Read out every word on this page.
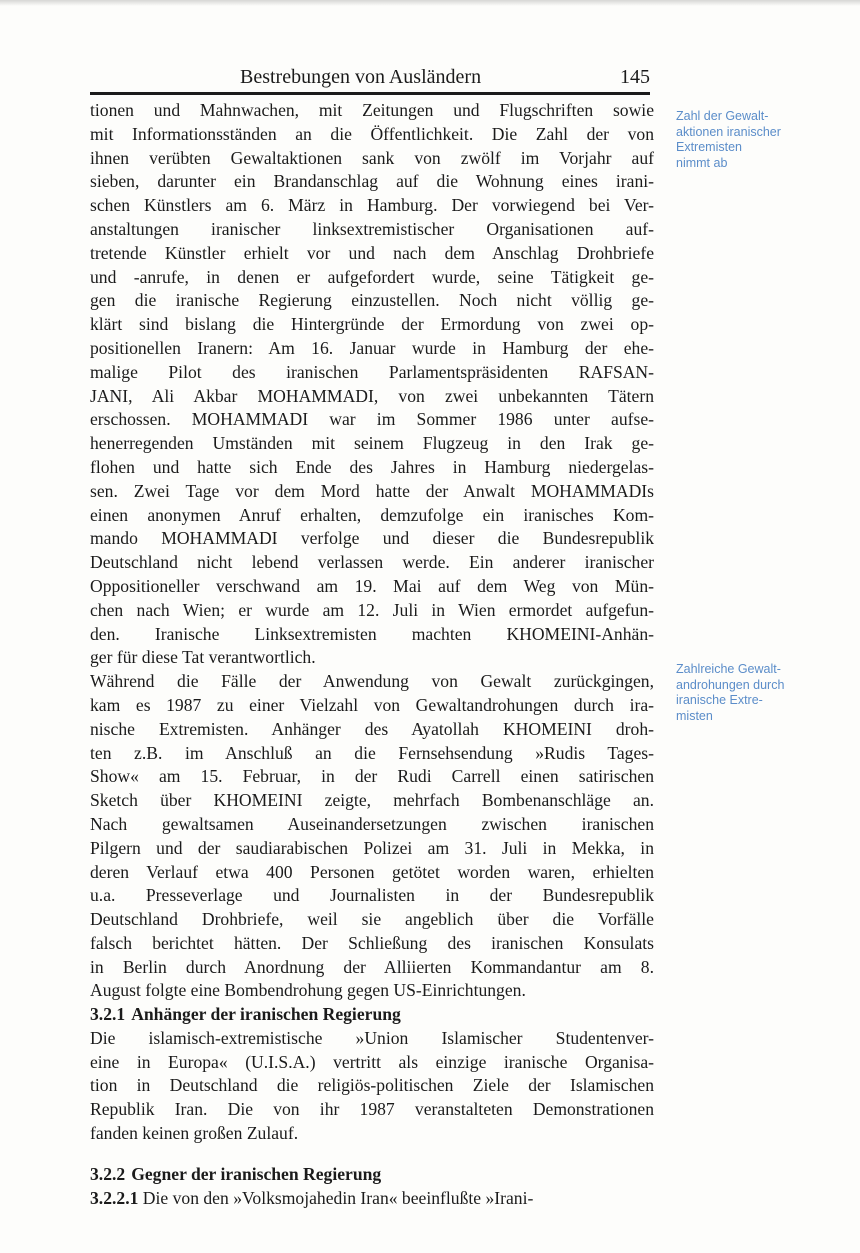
Bestrebungen von Ausländern	145
tionen und Mahnwachen, mit Zeitungen und Flugschriften sowie
mit Informationsständen an die Öffentlichkeit. Die Zahl der von
ihnen verübten Gewaltaktionen sank von zwölf im Vorjahr auf
sieben, darunter ein Brandanschlag auf die Wohnung eines irani-
schen Künstlers am 6. März in Hamburg. Der vorwiegend bei Ver-
anstaltungen iranischer linksextremistischer Organisationen auf-
tretende Künstler erhielt vor und nach dem Anschlag Drohbriefe
und -anrufe, in denen er aufgefordert wurde, seine Tätigkeit ge-
gen die iranische Regierung einzustellen. Noch nicht völlig ge-
klärt sind bislang die Hintergründe der Ermordung von zwei op-
positionellen Iranern: Am 16. Januar wurde in Hamburg der ehe-
malige Pilot des iranischen Parlamentspräsidenten RAFSAN-
JANI, Ali Akbar MOHAMMADI, von zwei unbekannten Tätern
erschossen. MOHAMMADI war im Sommer 1986 unter aufse-
henerregenden Umständen mit seinem Flugzeug in den Irak ge-
flohen und hatte sich Ende des Jahres in Hamburg niedergelas-
sen. Zwei Tage vor dem Mord hatte der Anwalt MOHAMMADIs
einen anonymen Anruf erhalten, demzufolge ein iranisches Kom-
mando MOHAMMADI verfolge und dieser die Bundesrepublik
Deutschland nicht lebend verlassen werde. Ein anderer iranischer
Oppositioneller verschwand am 19. Mai auf dem Weg von Mün-
chen nach Wien; er wurde am 12. Juli in Wien ermordet aufgefun-
den. Iranische Linksextremisten machten KHOMEINI-Anhän-
ger für diese Tat verantwortlich.
Während die Fälle der Anwendung von Gewalt zurückgingen,
kam es 1987 zu einer Vielzahl von Gewaltandrohungen durch ira-
nische Extremisten. Anhänger des Ayatollah KHOMEINI droh-
ten z.B. im Anschluß an die Fernsehsendung »Rudis Tages-
Show« am 15. Februar, in der Rudi Carrell einen satirischen
Sketch über KHOMEINI zeigte, mehrfach Bombenanschläge an.
Nach gewaltsamen Auseinandersetzungen zwischen iranischen
Pilgern und der saudiarabischen Polizei am 31. Juli in Mekka, in
deren Verlauf etwa 400 Personen getötet worden waren, erhielten
u.a. Presseverlage und Journalisten in der Bundesrepublik
Deutschland Drohbriefe, weil sie angeblich über die Vorfälle
falsch berichtet hätten. Der Schließung des iranischen Konsulats
in Berlin durch Anordnung der Alliierten Kommandantur am 8.
August folgte eine Bombendrohung gegen US-Einrichtungen.
Zahl der Gewalt-
aktionen iranischer
Extremisten
nimmt ab
Zahlreiche Gewalt-
androhungen durch
iranische Extre-
misten
3.2.1 Anhänger der iranischen Regierung
Die islamisch-extremistische »Union Islamischer Studentenver-
eine in Europa« (U.I.S.A.) vertritt als einzige iranische Organisa-
tion in Deutschland die religiös-politischen Ziele der Islamischen
Republik Iran. Die von ihr 1987 veranstalteten Demonstrationen
fanden keinen großen Zulauf.
3.2.2 Gegner der iranischen Regierung
3.2.2.1 Die von den »Volksmojahedin Iran« beeinflußte »Irani-
